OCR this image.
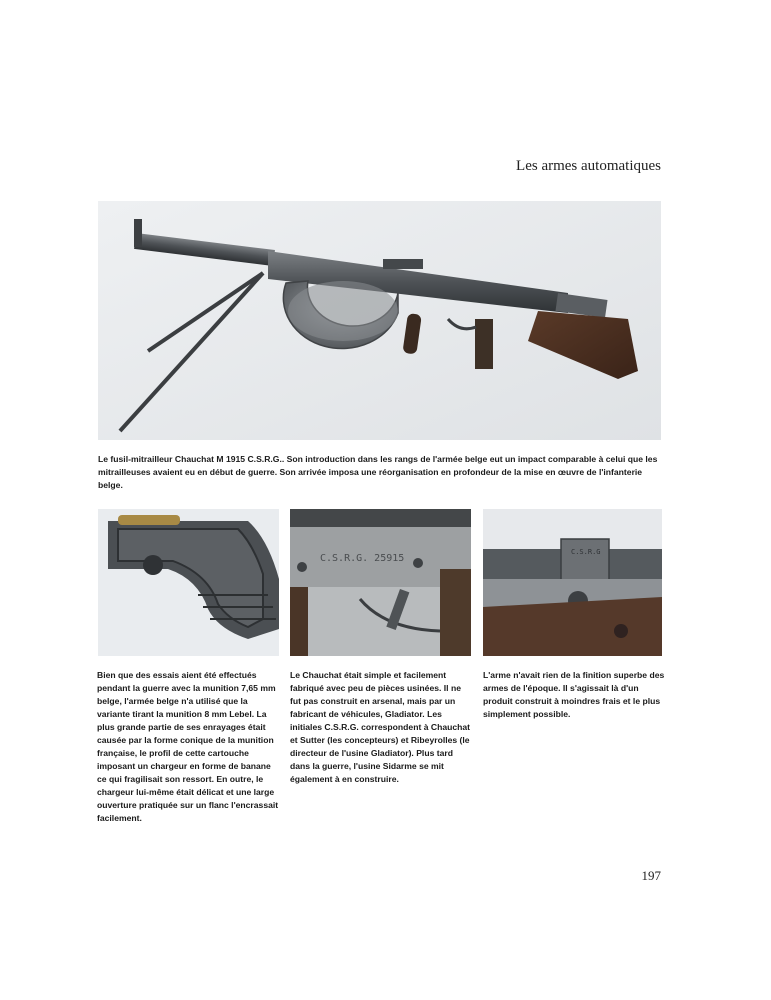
Les armes automatiques
Le fusil-mitrailleur Chauchat M 1915 C.S.R.G.. Son introduction dans les rangs de l'armée belge eut un impact comparable à celui que les mitrailleuses avaient eu en début de guerre. Son arrivée imposa une réorganisation en profondeur de la mise en œuvre de l'infanterie belge.
C.S.R.G. 25915
C.S.R.G

Bien que des essais aient été effectués pendant la guerre avec la munition 7,65 mm belge, l'armée belge n'a utilisé que la variante tirant la munition 8 mm Lebel. La plus grande partie de ses enrayages était causée par la forme conique de la munition française, le profil de cette cartouche imposant un chargeur en forme de banane ce qui fragilisait son ressort. En outre, le chargeur lui-même était délicat et une large ouverture pratiquée sur un flanc l'encrassait facilement.

Le Chauchat était simple et facilement fabriqué avec peu de pièces usinées. Il ne fut pas construit en arsenal, mais par un fabricant de véhicules, Gladiator. Les initiales C.S.R.G. correspondent à Chauchat et Sutter (les concepteurs) et Ribeyrolles (le directeur de l'usine Gladiator). Plus tard dans la guerre, l'usine Sidarme se mit également à en construire.

L'arme n'avait rien de la finition superbe des armes de l'époque. Il s'agissait là d'un produit construit à moindres frais et le plus simplement possible.

197
